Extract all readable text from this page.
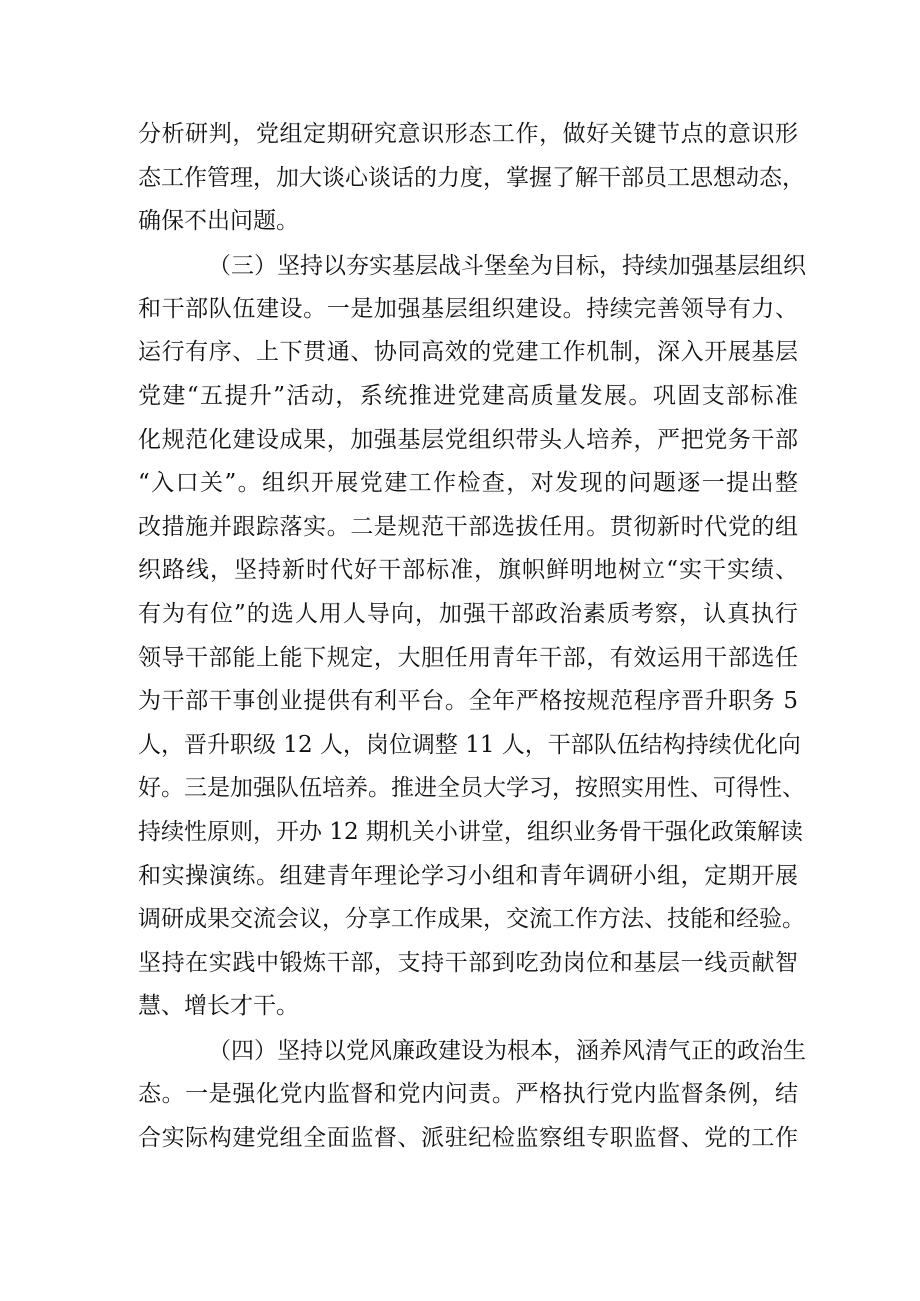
分析研判，党组定期研究意识形态工作，做好关键节点的意识形
态工作管理，加大谈心谈话的力度，掌握了解干部员工思想动态，
确保不出问题。
（三）坚持以夯实基层战斗堡垒为目标，持续加强基层组织
和干部队伍建设。一是加强基层组织建设。持续完善领导有力、
运行有序、上下贯通、协同高效的党建工作机制，深入开展基层
党建“五提升”活动，系统推进党建高质量发展。巩固支部标准
化规范化建设成果，加强基层党组织带头人培养，严把党务干部
“入口关”。组织开展党建工作检查，对发现的问题逐一提出整
改措施并跟踪落实。二是规范干部选拔任用。贯彻新时代党的组
织路线，坚持新时代好干部标准，旗帜鲜明地树立“实干实绩、
有为有位”的选人用人导向，加强干部政治素质考察，认真执行
领导干部能上能下规定，大胆任用青年干部，有效运用干部选任
为干部干事创业提供有利平台。全年严格按规范程序晋升职务 5
人，晋升职级 12 人，岗位调整 11 人，干部队伍结构持续优化向
好。三是加强队伍培养。推进全员大学习，按照实用性、可得性、
持续性原则，开办 12 期机关小讲堂，组织业务骨干强化政策解读
和实操演练。组建青年理论学习小组和青年调研小组，定期开展
调研成果交流会议，分享工作成果，交流工作方法、技能和经验。
坚持在实践中锻炼干部，支持干部到吃劲岗位和基层一线贡献智
慧、增长才干。
（四）坚持以党风廉政建设为根本，涵养风清气正的政治生
态。一是强化党内监督和党内问责。严格执行党内监督条例，结
合实际构建党组全面监督、派驻纪检监察组专职监督、党的工作
